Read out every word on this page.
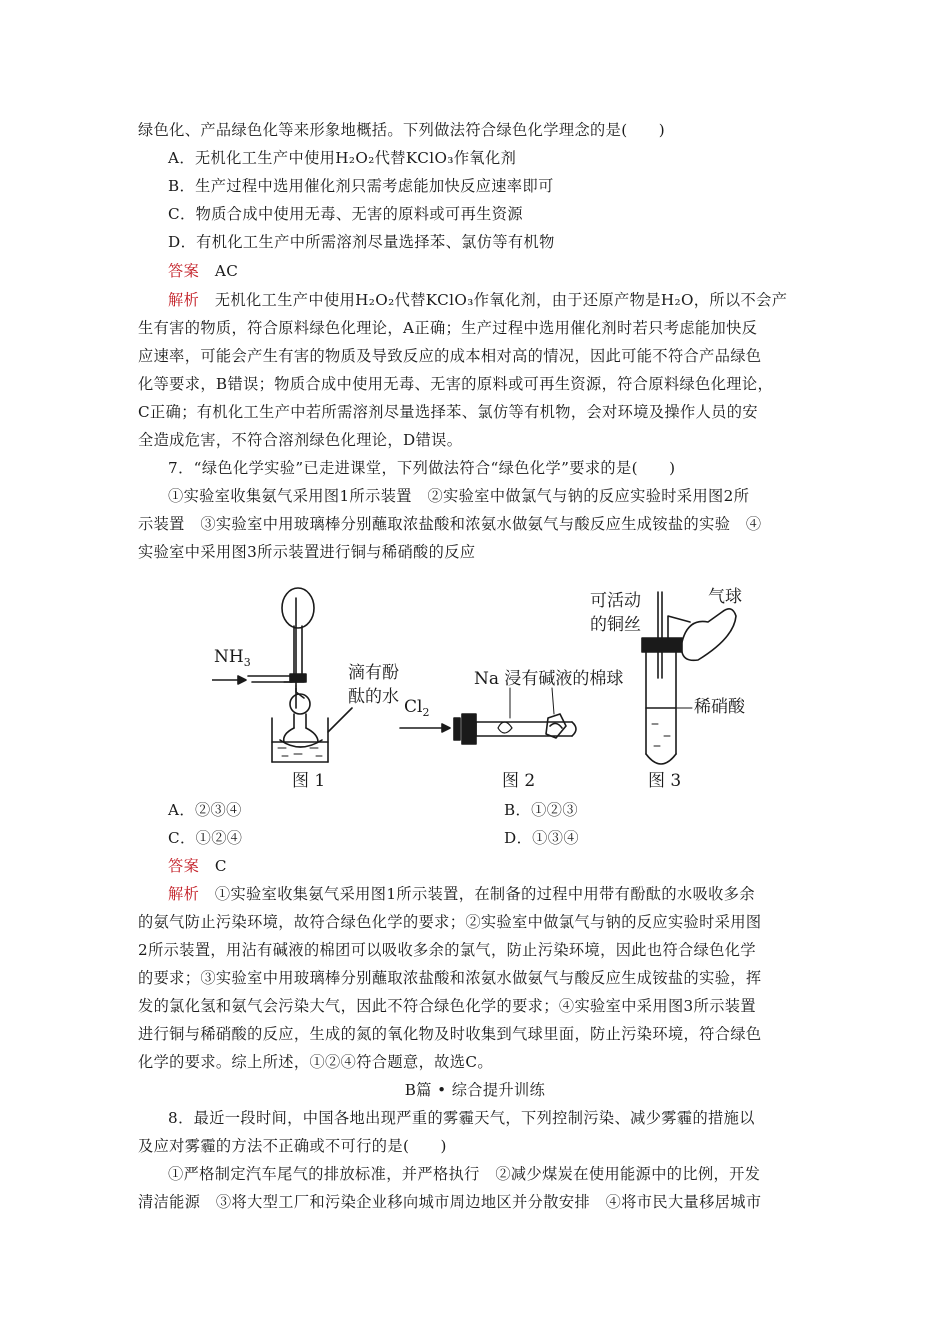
绿色化、产品绿色化等来形象地概括。下列做法符合绿色化学理念的是(　　)
A．无机化工生产中使用H₂O₂代替KClO₃作氧化剂
B．生产过程中选用催化剂只需考虑能加快反应速率即可
C．物质合成中使用无毒、无害的原料或可再生资源
D．有机化工生产中所需溶剂尽量选择苯、氯仿等有机物
答案 AC
解析 无机化工生产中使用H₂O₂代替KClO₃作氧化剂，由于还原产物是H₂O，所以不会产
生有害的物质，符合原料绿色化理论，A正确；生产过程中选用催化剂时若只考虑能加快反
应速率，可能会产生有害的物质及导致反应的成本相对高的情况，因此可能不符合产品绿色
化等要求，B错误；物质合成中使用无毒、无害的原料或可再生资源，符合原料绿色化理论，
C正确；有机化工生产中若所需溶剂尽量选择苯、氯仿等有机物，会对环境及操作人员的安
全造成危害，不符合溶剂绿色化理论，D错误。
7．“绿色化学实验”已走进课堂，下列做法符合“绿色化学”要求的是(　　)
①实验室收集氨气采用图1所示装置　②实验室中做氯气与钠的反应实验时采用图2所
示装置　③实验室中用玻璃棒分别蘸取浓盐酸和浓氨水做氨气与酸反应生成铵盐的实验　④
实验室中采用图3所示装置进行铜与稀硝酸的反应
$NH_3$
滴有酚
酞的水 $Cl_2$
Na 浸有碱液的棉球
可活动
的铜丝
气球
稀硝酸
图 1	图 2	图 3
A．②③④	B．①②③
C．①②④	D．①③④
答案 C
解析 ①实验室收集氨气采用图1所示装置，在制备的过程中用带有酚酞的水吸收多余
的氨气防止污染环境，故符合绿色化学的要求；②实验室中做氯气与钠的反应实验时采用图
2所示装置，用沾有碱液的棉团可以吸收多余的氯气，防止污染环境，因此也符合绿色化学
的要求；③实验室中用玻璃棒分别蘸取浓盐酸和浓氨水做氨气与酸反应生成铵盐的实验，挥
发的氯化氢和氨气会污染大气，因此不符合绿色化学的要求；④实验室中采用图3所示装置
进行铜与稀硝酸的反应，生成的氮的氧化物及时收集到气球里面，防止污染环境，符合绿色
化学的要求。综上所述，①②④符合题意，故选C。
B篇 • 综合提升训练
8．最近一段时间，中国各地出现严重的雾霾天气，下列控制污染、减少雾霾的措施以
及应对雾霾的方法不正确或不可行的是(　　)
①严格制定汽车尾气的排放标准，并严格执行　②减少煤炭在使用能源中的比例，开发
清洁能源　③将大型工厂和污染企业移向城市周边地区并分散安排　④将市民大量移居城市
